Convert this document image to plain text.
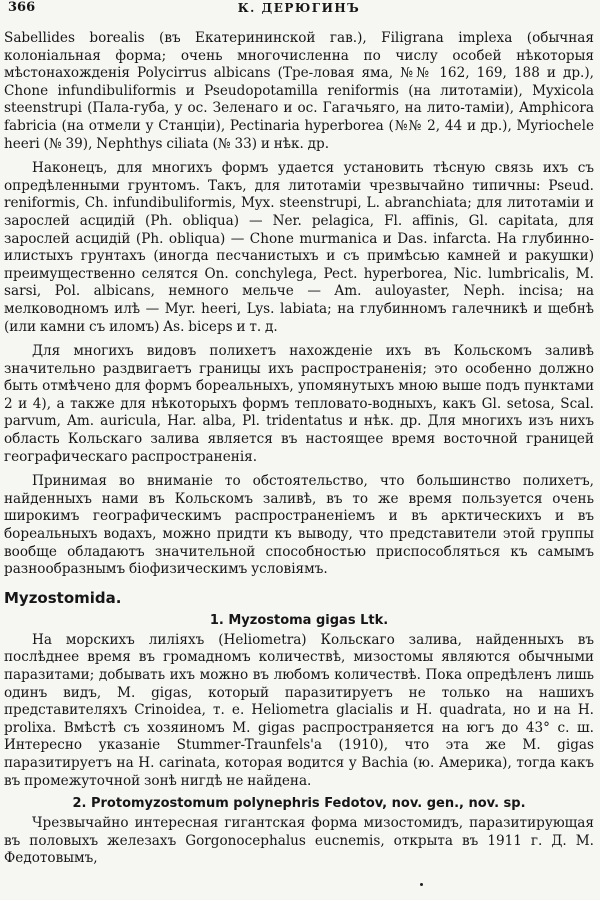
366	К. ДЕРЮГИНЪ

Sabellides borealis (въ Екатерининской гав.), Filigrana implexa (обычная колоніальная форма; очень многочисленна по числу особей нѣкоторыя мѣстонахожденія Polycirrus albicans (Тре-ловая яма, №№ 162, 169, 188 и др.), Chone infundibuliformis и Pseudopotamilla reniformis (на литотаміи), Myxicola steenstrupi (Пала-губа, у ос. Зеленаго и ос. Гагачьяго, на лито-таміи), Amphicora fabricia (на отмели у Станціи), Pectinaria hyperborea (№№ 2, 44 и др.), Myriochele heeri (№ 39), Nephthys ciliata (№ 33) и нѣк. др.

Наконецъ, для многихъ формъ удается установить тѣсную связь ихъ съ опредѣленными грунтомъ. Такъ, для литотаміи чрезвычайно типичны: Pseud. reniformis, Ch. infundibuliformis, Myx. steenstrupi, L. abranchiata; для литотаміи и зарослей асцидій (Ph. obliqua) — Ner. pelagica, Fl. affinis, Gl. capitata, для зарослей асцидій (Ph. obliqua) — Chone murmanica и Das. infarcta. На глубинно-илистыхъ грунтахъ (иногда песчанистыхъ и съ примѣсью камней и ракушки) преимущественно селятся On. conchylega, Pect. hyperborea, Nic. lumbricalis, M. sarsi, Pol. albicans, немного мельче — Am. auloyaster, Neph. incisa; на мелководномъ илѣ — Myr. heeri, Lys. labiata; на глубинномъ галечникѣ и щебнѣ (или камни съ иломъ) As. biceps и т. д.

Для многихъ видовъ полихетъ нахожденіе ихъ въ Кольскомъ заливѣ значительно раздвигаетъ границы ихъ распространенія; это особенно должно быть отмѣчено для формъ бореальныхъ, упомянутыхъ мною выше подъ пунктами 2 и 4), а также для нѣкоторыхъ формъ тепловато-водныхъ, какъ Gl. setosa, Scal. parvum, Am. auricula, Har. alba, Pl. tridentatus и нѣк. др. Для многихъ изъ нихъ область Кольскаго залива является въ настоящее время восточной границей географическаго распространенія.

Принимая во вниманіе то обстоятельство, что большинство полихетъ, найденныхъ нами въ Кольскомъ заливѣ, въ то же время пользуется очень широкимъ географическимъ распространеніемъ и въ арктическихъ и въ бореальныхъ водахъ, можно придти къ выводу, что представители этой группы вообще обладаютъ значительной способностью приспособляться къ самымъ разнообразнымъ біофизическимъ условіямъ.

Myzostomida.
1. Myzostoma gigas Ltk.

На морскихъ лиліяхъ (Heliometra) Кольскаго залива, найденныхъ въ послѣднее время въ громадномъ количествѣ, мизостомы являются обычными паразитами; добывать ихъ можно въ любомъ количествѣ. Пока опредѣленъ лишь одинъ видъ, M. gigas, который паразитируетъ не только на нашихъ представителяхъ Crinoidea, т. е. Heliometra glacialis и H. quadrata, но и на H. prolixa. Вмѣстѣ съ хозяиномъ M. gigas распространяется на югъ до 43° с. ш. Интересно указаніе Stummer-Traunfels'a (1910), что эта же M. gigas паразитируетъ на H. carinata, которая водится у Bachia (ю. Америка), тогда какъ въ промежуточной зонѣ нигдѣ не найдена.

2. Protomyzostomum polynephris Fedotov, nov. gen., nov. sp.

Чрезвычайно интересная гигантская форма мизостомидъ, паразитирующая въ половыхъ железахъ Gorgonocephalus eucnemis, открыта въ 1911 г. Д. М. Федотовымъ,
